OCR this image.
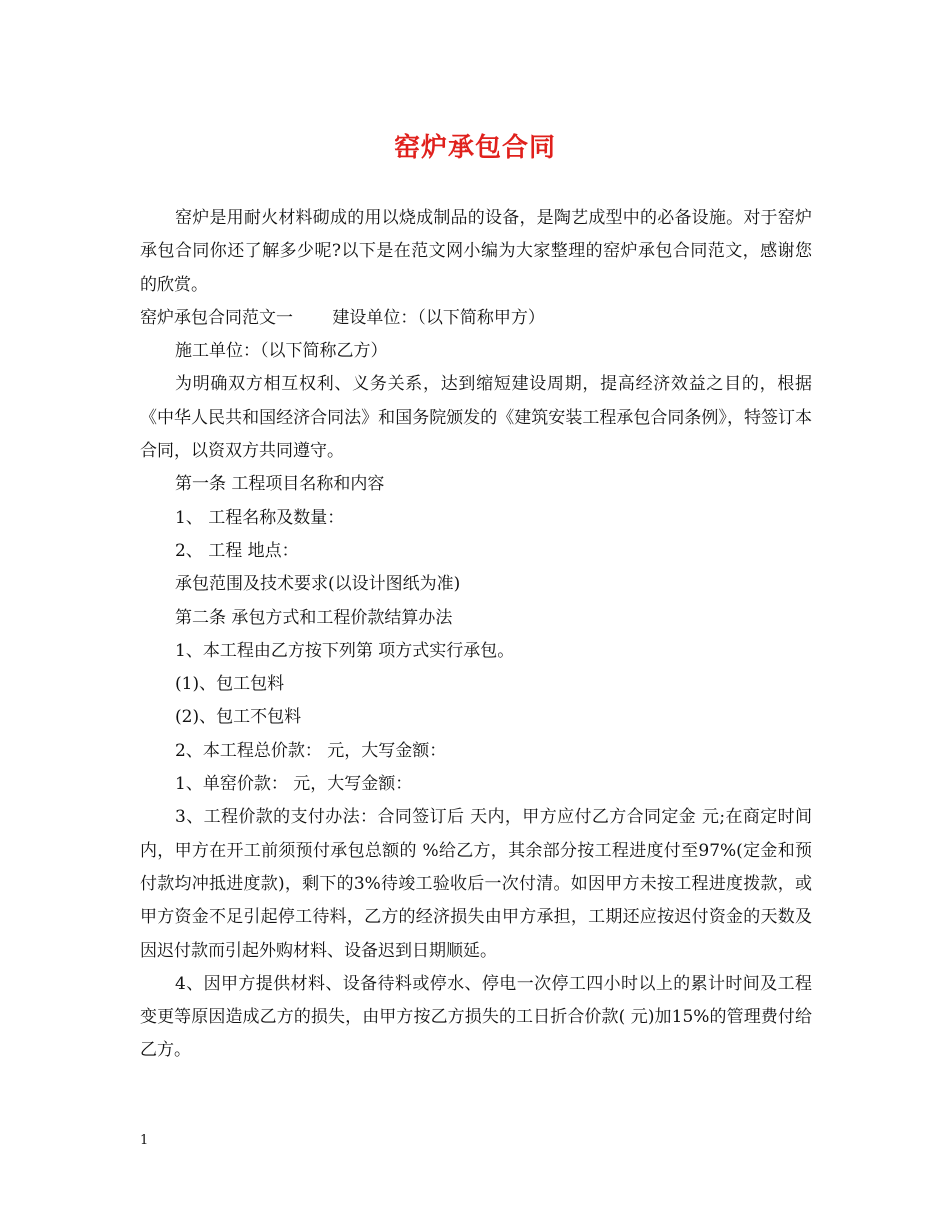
窑炉承包合同

窑炉是用耐火材料砌成的用以烧成制品的设备，是陶艺成型中的必备设施。对于窑炉承包合同你还了解多少呢?以下是在范文网小编为大家整理的窑炉承包合同范文，感谢您的欣赏。

窑炉承包合同范文一　　 建设单位：（以下简称甲方）

施工单位：（以下简称乙方）

为明确双方相互权利、义务关系，达到缩短建设周期，提高经济效益之目的，根据《中华人民共和国经济合同法》和国务院颁发的《建筑安装工程承包合同条例》，特签订本合同，以资双方共同遵守。

第一条 工程项目名称和内容

1、 工程名称及数量：

2、 工程 地点：

承包范围及技术要求(以设计图纸为准)

第二条 承包方式和工程价款结算办法

1、本工程由乙方按下列第 项方式实行承包。

(1)、包工包料

(2)、包工不包料

2、本工程总价款： 元，大写金额：

1、单窑价款： 元，大写金额：

3、工程价款的支付办法：合同签订后 天内，甲方应付乙方合同定金 元;在商定时间内，甲方在开工前须预付承包总额的 %给乙方，其余部分按工程进度付至97%(定金和预付款均冲抵进度款)，剩下的3%待竣工验收后一次付清。如因甲方未按工程进度拨款，或甲方资金不足引起停工待料，乙方的经济损失由甲方承担，工期还应按迟付资金的天数及因迟付款而引起外购材料、设备迟到日期顺延。

4、因甲方提供材料、设备待料或停水、停电一次停工四小时以上的累计时间及工程变更等原因造成乙方的损失，由甲方按乙方损失的工日折合价款( 元)加15%的管理费付给乙方。

1
